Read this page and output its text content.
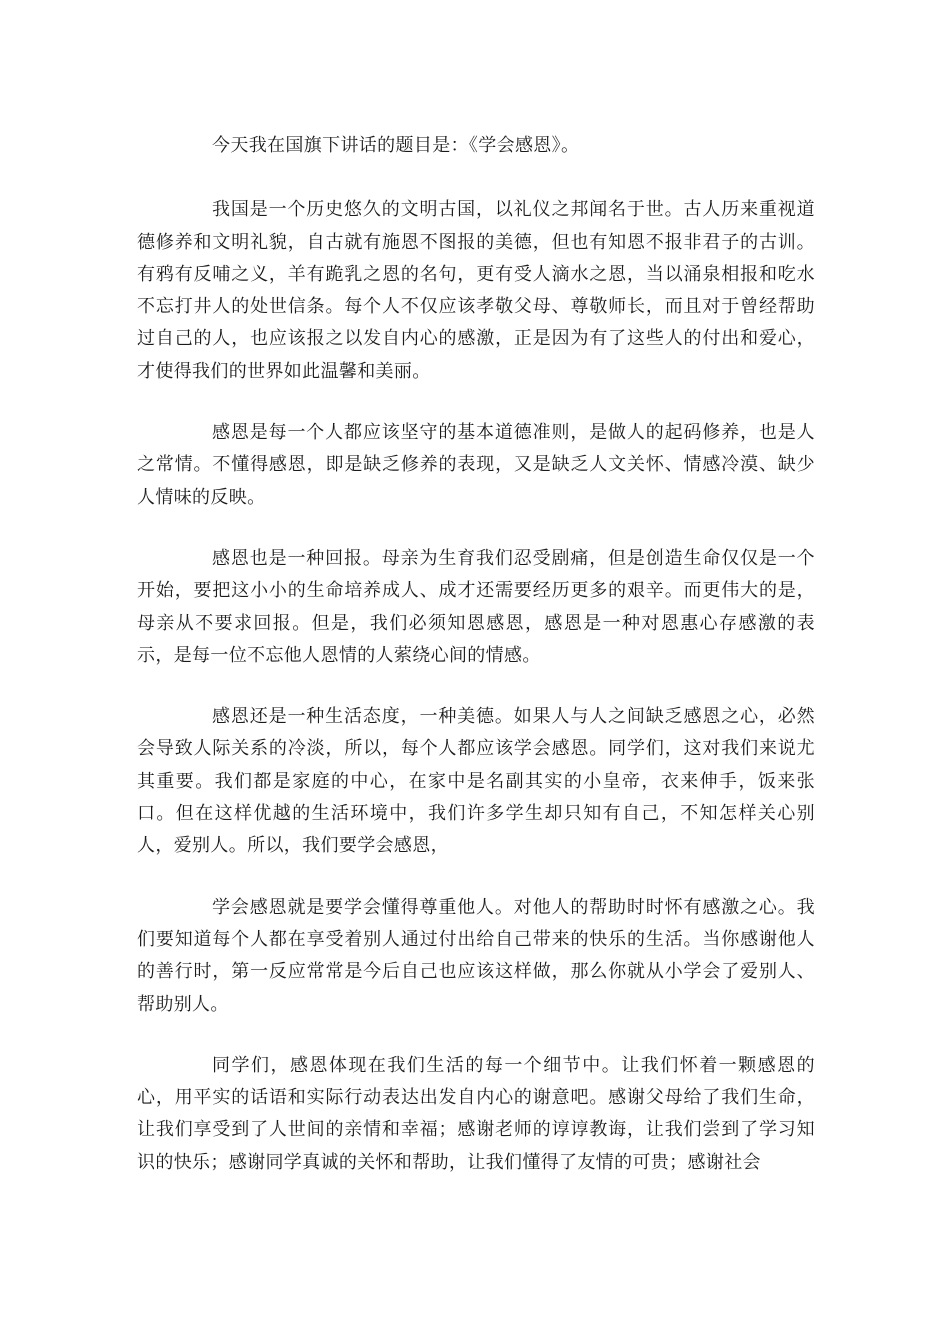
今天我在国旗下讲话的题目是：《学会感恩》。

我国是一个历史悠久的文明古国，以礼仪之邦闻名于世。古人历来重视道德修养和文明礼貌，自古就有施恩不图报的美德，但也有知恩不报非君子的古训。有鸦有反哺之义，羊有跪乳之恩的名句，更有受人滴水之恩，当以涌泉相报和吃水不忘打井人的处世信条。每个人不仅应该孝敬父母、尊敬师长，而且对于曾经帮助过自己的人，也应该报之以发自内心的感激，正是因为有了这些人的付出和爱心，才使得我们的世界如此温馨和美丽。

感恩是每一个人都应该坚守的基本道德准则，是做人的起码修养，也是人之常情。不懂得感恩，即是缺乏修养的表现，又是缺乏人文关怀、情感冷漠、缺少人情味的反映。

感恩也是一种回报。母亲为生育我们忍受剧痛，但是创造生命仅仅是一个开始，要把这小小的生命培养成人、成才还需要经历更多的艰辛。而更伟大的是，母亲从不要求回报。但是，我们必须知恩感恩，感恩是一种对恩惠心存感激的表示，是每一位不忘他人恩情的人萦绕心间的情感。

感恩还是一种生活态度，一种美德。如果人与人之间缺乏感恩之心，必然会导致人际关系的冷淡，所以，每个人都应该学会感恩。同学们，这对我们来说尤其重要。我们都是家庭的中心，在家中是名副其实的小皇帝，衣来伸手，饭来张口。但在这样优越的生活环境中，我们许多学生却只知有自己，不知怎样关心别人，爱别人。所以，我们要学会感恩，

学会感恩就是要学会懂得尊重他人。对他人的帮助时时怀有感激之心。我们要知道每个人都在享受着别人通过付出给自己带来的快乐的生活。当你感谢他人的善行时，第一反应常常是今后自己也应该这样做，那么你就从小学会了爱别人、帮助别人。

同学们，感恩体现在我们生活的每一个细节中。让我们怀着一颗感恩的心，用平实的话语和实际行动表达出发自内心的谢意吧。感谢父母给了我们生命，让我们享受到了人世间的亲情和幸福；感谢老师的谆谆教诲，让我们尝到了学习知识的快乐；感谢同学真诚的关怀和帮助，让我们懂得了友情的可贵；感谢社会
